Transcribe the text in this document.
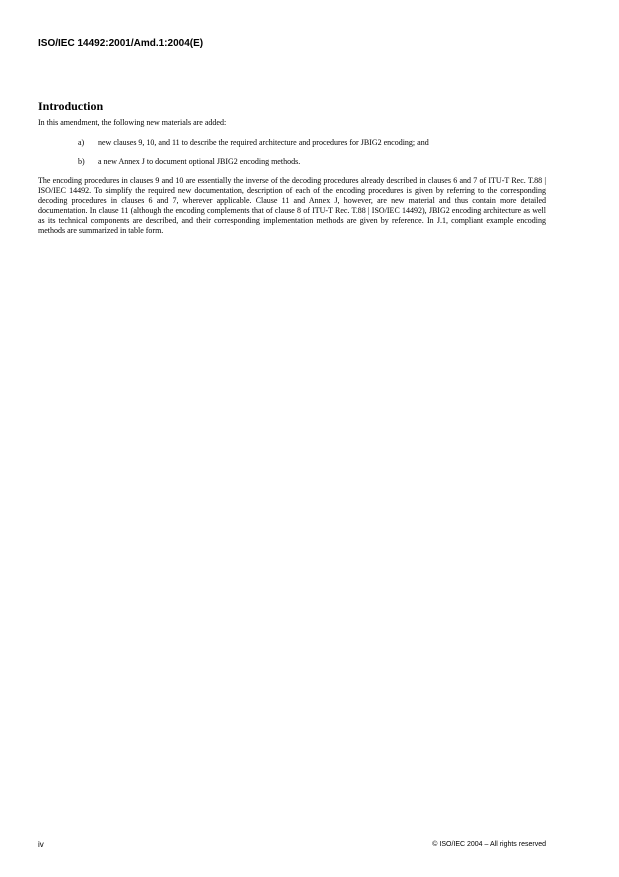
ISO/IEC 14492:2001/Amd.1:2004(E)
Introduction

In this amendment, the following new materials are added:

a)	new clauses 9, 10, and 11 to describe the required architecture and procedures for JBIG2 encoding; and
b)	a new Annex J to document optional JBIG2 encoding methods.

The encoding procedures in clauses 9 and 10 are essentially the inverse of the decoding procedures already described in clauses 6 and 7 of ITU-T Rec. T.88 | ISO/IEC 14492. To simplify the required new documentation, description of each of the encoding procedures is given by referring to the corresponding decoding procedures in clauses 6 and 7, wherever applicable. Clause 11 and Annex J, however, are new material and thus contain more detailed documentation. In clause 11 (although the encoding complements that of clause 8 of ITU-T Rec. T.88 | ISO/IEC 14492), JBIG2 encoding architecture as well as its technical components are described, and their corresponding implementation methods are given by reference. In J.1, compliant example encoding methods are summarized in table form.

iv	© ISO/IEC 2004 – All rights reserved
